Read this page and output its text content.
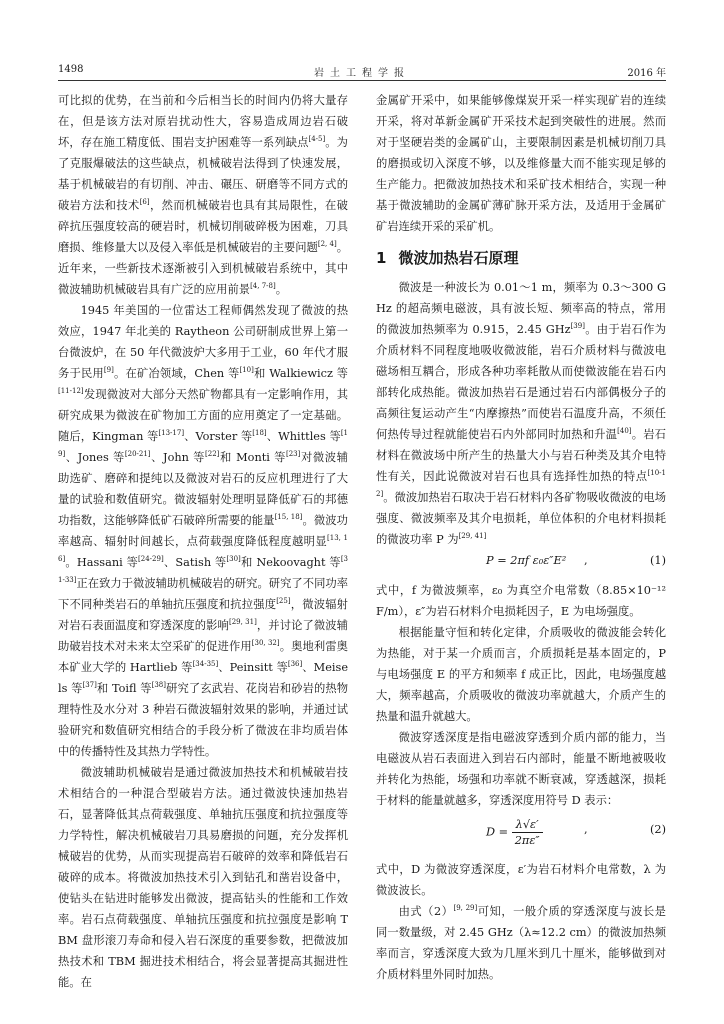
1498	岩土工程学报	2016 年

可比拟的优势，在当前和今后相当长的时间内仍将大量存在，但是该方法对原岩扰动性大，容易造成周边岩石破坏，存在施工精度低、围岩支护困难等一系列缺点[4-5]。为了克服爆破法的这些缺点，机械破岩法得到了快速发展，基于机械破岩的有切削、冲击、碾压、研磨等不同方式的破岩方法和技术[6]，然而机械破岩也具有其局限性，在破碎抗压强度较高的硬岩时，机械切削破碎极为困难，刀具磨损、维修量大以及侵入率低是机械破岩的主要问题[2, 4]。近年来，一些新技术逐渐被引入到机械破岩系统中，其中微波辅助机械破岩具有广泛的应用前景[4, 7-8]。

1945 年美国的一位雷达工程师偶然发现了微波的热效应，1947 年北美的 Raytheon 公司研制成世界上第一台微波炉，在 50 年代微波炉大多用于工业，60 年代才服务于民用[9]。在矿冶领域，Chen 等[10]和 Walkiewicz 等[11-12]发现微波对大部分天然矿物都具有一定影响作用，其研究成果为微波在矿物加工方面的应用奠定了一定基础。随后，Kingman 等[13-17]、Vorster 等[18]、Whittles 等[19]、Jones 等[20-21]、John 等[22]和 Monti 等[23]对微波辅助选矿、磨碎和提纯以及微波对岩石的反应机理进行了大量的试验和数值研究。微波辐射处理明显降低矿石的邦德功指数，这能够降低矿石破碎所需要的能量[15, 18]。微波功率越高、辐射时间越长，点荷载强度降低程度越明显[13, 16]。Hassani 等[24-29]、Satish 等[30]和 Nekoovaght 等[31-33]正在致力于微波辅助机械破岩的研究。研究了不同功率下不同种类岩石的单轴抗压强度和抗拉强度[25]，微波辐射对岩石表面温度和穿透深度的影响[29, 31]，并讨论了微波辅助破岩技术对未来太空采矿的促进作用[30, 32]。奥地利雷奥本矿业大学的 Hartlieb 等[34-35]、Peinsitt 等[36]、Meisels 等[37]和 Toifl 等[38]研究了玄武岩、花岗岩和砂岩的热物理特性及水分对 3 种岩石微波辐射效果的影响，并通过试验研究和数值研究相结合的手段分析了微波在非均质岩体中的传播特性及其热力学特性。

微波辅助机械破岩是通过微波加热技术和机械破岩技术相结合的一种混合型破岩方法。通过微波快速加热岩石，显著降低其点荷载强度、单轴抗压强度和抗拉强度等力学特性，解决机械破岩刀具易磨损的问题，充分发挥机械破岩的优势，从而实现提高岩石破碎的效率和降低岩石破碎的成本。将微波加热技术引入到钻孔和凿岩设备中，使钻头在钻进时能够发出微波，提高钻头的性能和工作效率。岩石点荷载强度、单轴抗压强度和抗拉强度是影响 TBM 盘形滚刀寿命和侵入岩石深度的重要参数，把微波加热技术和 TBM 掘进技术相结合，将会显著提高其掘进性能。在

金属矿开采中，如果能够像煤炭开采一样实现矿岩的连续开采，将对革新金属矿开采技术起到突破性的进展。然而对于坚硬岩类的金属矿山，主要限制因素是机械切削刀具的磨损或切入深度不够，以及维修量大而不能实现足够的生产能力。把微波加热技术和采矿技术相结合，实现一种基于微波辅助的金属矿薄矿脉开采方法，及适用于金属矿矿岩连续开采的采矿机。

1 微波加热岩石原理

微波是一种波长为 0.01～1 m，频率为 0.3～300 GHz 的超高频电磁波，具有波长短、频率高的特点，常用的微波加热频率为 0.915，2.45 GHz[39]。由于岩石作为介质材料不同程度地吸收微波能，岩石介质材料与微波电磁场相互耦合，形成各种功率耗散从而使微波能在岩石内部转化成热能。微波加热岩石是通过岩石内部偶极分子的高频往复运动产生“内摩擦热”而使岩石温度升高，不须任何热传导过程就能使岩石内外部同时加热和升温[40]。岩石材料在微波场中所产生的热量大小与岩石种类及其介电特性有关，因此说微波对岩石也具有选择性加热的特点[10-12]。微波加热岩石取决于岩石材料内各矿物吸收微波的电场强度、微波频率及其介电损耗，单位体积的介电材料损耗的微波功率 P 为[29, 41]

P = 2πf ε₀ε″E² ,	(1)

式中，f 为微波频率，ε₀ 为真空介电常数（8.85×10⁻¹² F/m），ε″为岩石材料介电损耗因子，E 为电场强度。

根据能量守恒和转化定律，介质吸收的微波能会转化为热能，对于某一介质而言，介质损耗是基本固定的，P 与电场强度 E 的平方和频率 f 成正比，因此，电场强度越大，频率越高，介质吸收的微波功率就越大，介质产生的热量和温升就越大。

微波穿透深度是指电磁波穿透到介质内部的能力，当电磁波从岩石表面进入到岩石内部时，能量不断地被吸收并转化为热能，场强和功率就不断衰减，穿透越深，损耗于材料的能量就越多，穿透深度用符号 D 表示：

$D = \frac{\lambda√\varepsilon'}{2\pi\varepsilon''}$	,	(2)

式中，D 为微波穿透深度，ε′为岩石材料介电常数，λ 为微波波长。

由式（2）[9, 29]可知，一般介质的穿透深度与波长是同一数量级，对 2.45 GHz（λ≈12.2 cm）的微波加热频率而言，穿透深度大致为几厘米到几十厘米，能够做到对介质材料里外同时加热。
